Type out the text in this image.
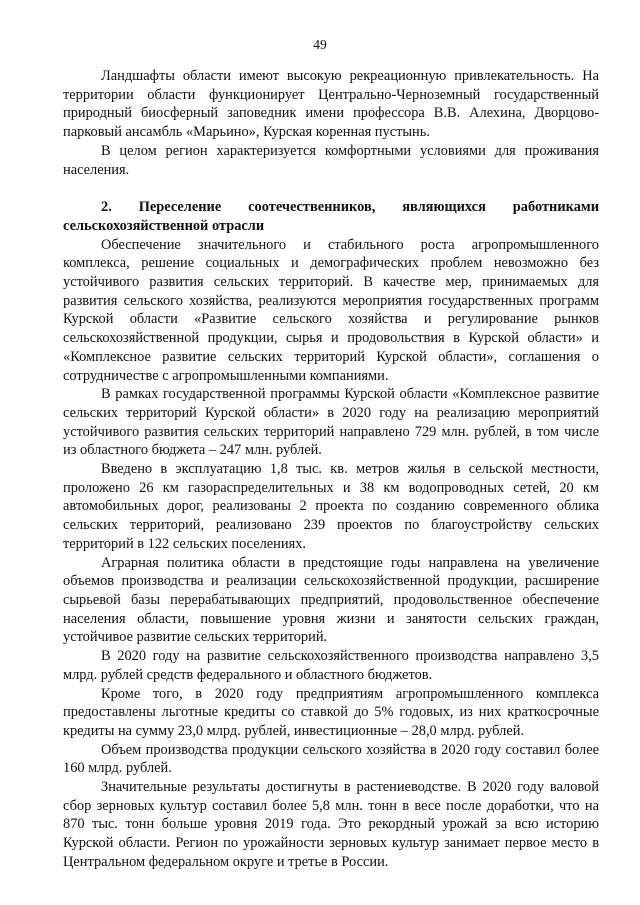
49

Ландшафты области имеют высокую рекреационную привлекательность. На территории области функционирует Центрально-Черноземный государственный природный биосферный заповедник имени профессора В.В. Алехина, Дворцово-парковый ансамбль «Марьино», Курская коренная пустынь.

В целом регион характеризуется комфортными условиями для проживания населения.

2. Переселение соотечественников, являющихся работниками сельскохозяйственной отрасли

Обеспечение значительного и стабильного роста агропромышленного комплекса, решение социальных и демографических проблем невозможно без устойчивого развития сельских территорий. В качестве мер, принимаемых для развития сельского хозяйства, реализуются мероприятия государственных программ Курской области «Развитие сельского хозяйства и регулирование рынков сельскохозяйственной продукции, сырья и продовольствия в Курской области» и «Комплексное развитие сельских территорий Курской области», соглашения о сотрудничестве с агропромышленными компаниями.

В рамках государственной программы Курской области «Комплексное развитие сельских территорий Курской области» в 2020 году на реализацию мероприятий устойчивого развития сельских территорий направлено 729 млн. рублей, в том числе из областного бюджета – 247 млн. рублей.

Введено в эксплуатацию 1,8 тыс. кв. метров жилья в сельской местности, проложено 26 км газораспределительных и 38 км водопроводных сетей, 20 км автомобильных дорог, реализованы 2 проекта по созданию современного облика сельских территорий, реализовано 239 проектов по благоустройству сельских территорий в 122 сельских поселениях.

Аграрная политика области в предстоящие годы направлена на увеличение объемов производства и реализации сельскохозяйственной продукции, расширение сырьевой базы перерабатывающих предприятий, продовольственное обеспечение населения области, повышение уровня жизни и занятости сельских граждан, устойчивое развитие сельских территорий.

В 2020 году на развитие сельскохозяйственного производства направлено 3,5 млрд. рублей средств федерального и областного бюджетов.

Кроме того, в 2020 году предприятиям агропромышленного комплекса предоставлены льготные кредиты со ставкой до 5% годовых, из них краткосрочные кредиты на сумму 23,0 млрд. рублей, инвестиционные – 28,0 млрд. рублей.

Объем производства продукции сельского хозяйства в 2020 году составил более 160 млрд. рублей.

Значительные результаты достигнуты в растениеводстве. В 2020 году валовой сбор зерновых культур составил более 5,8 млн. тонн в весе после доработки, что на 870 тыс. тонн больше уровня 2019 года. Это рекордный урожай за всю историю Курской области. Регион по урожайности зерновых культур занимает первое место в Центральном федеральном округе и третье в России.
